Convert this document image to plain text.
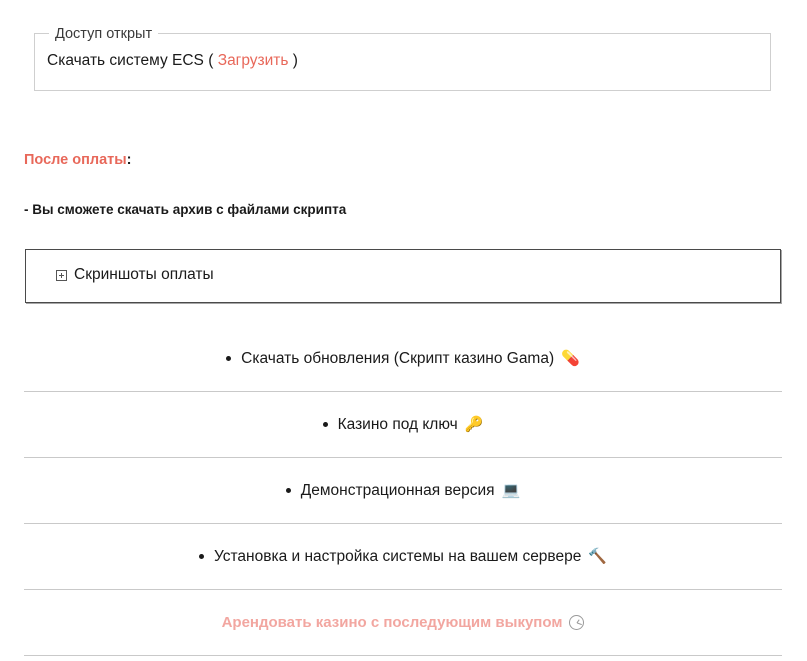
Доступ открыт
Скачать систему ECS ( Загрузить )
После оплаты:
- Вы сможете скачать архив с файлами скрипта
Скриншоты оплаты
Скачать обновления (Скрипт казино Gama) 💊
Казино под ключ 🔑
Демонстрационная версия 💻
Установка и настройка системы на вашем сервере 🔨
Арендовать казино с последующим выкупом
